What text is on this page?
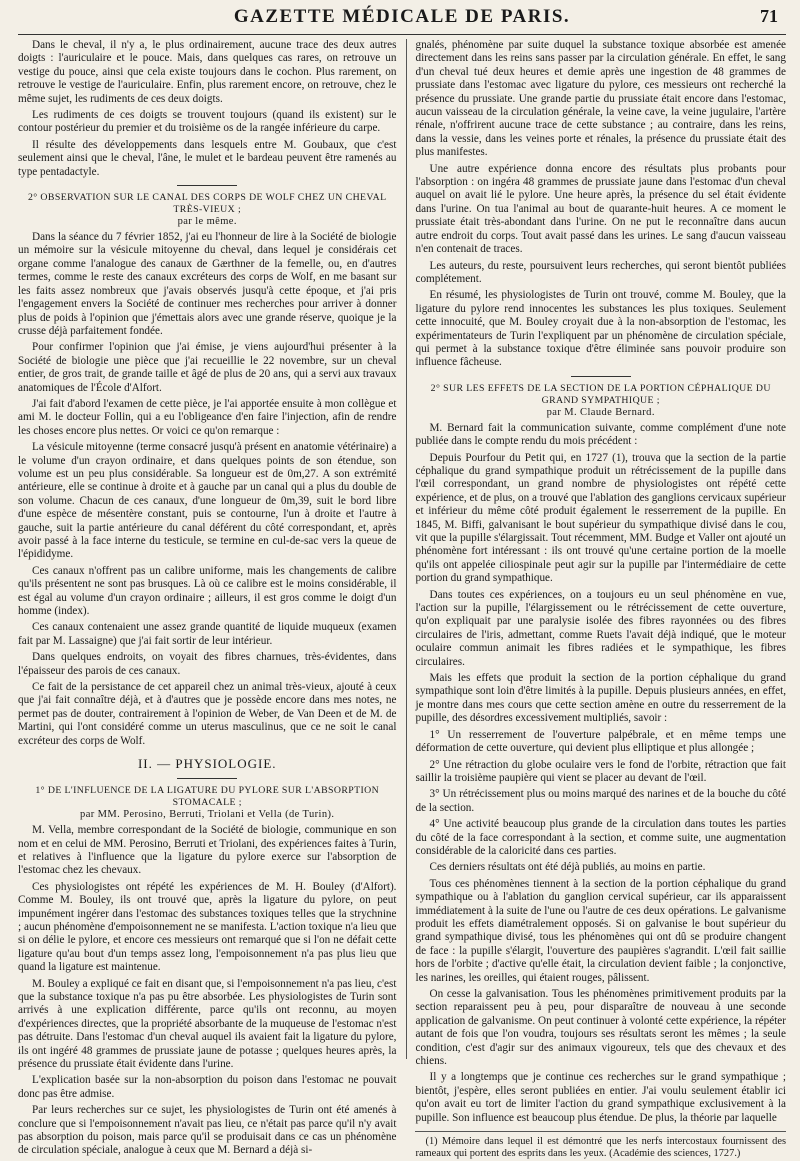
GAZETTE MÉDICALE DE PARIS.	71

Dans le cheval, il n'y a, le plus ordinairement, aucune trace des deux autres doigts : l'auriculaire et le pouce. Mais, dans quelques cas rares, on retrouve un vestige du pouce, ainsi que cela existe toujours dans le cochon. Plus rarement, on retrouve le vestige de l'auriculaire. Enfin, plus rarement encore, on retrouve, chez le même sujet, les rudiments de ces deux doigts.

Les rudiments de ces doigts se trouvent toujours (quand ils existent) sur le contour postérieur du premier et du troisième os de la rangée inférieure du carpe.

Il résulte des développements dans lesquels entre M. Goubaux, que c'est seulement ainsi que le cheval, l'âne, le mulet et le bardeau peuvent être ramenés au type pentadactyle.

2° OBSERVATION SUR LE CANAL DES CORPS DE WOLF CHEZ UN CHEVAL TRÈS-VIEUX ;
par le même.

Dans la séance du 7 février 1852, j'ai eu l'honneur de lire à la Société de biologie un mémoire sur la vésicule mitoyenne du cheval, dans lequel je considérais cet organe comme l'analogue des canaux de Gærthner de la femelle, ou, en d'autres termes, comme le reste des canaux excréteurs des corps de Wolf, en me basant sur les faits assez nombreux que j'avais observés jusqu'à cette époque, et j'ai pris l'engagement envers la Société de continuer mes recherches pour arriver à donner plus de poids à l'opinion que j'émettais alors avec une grande réserve, quoique je la crusse déjà parfaitement fondée.

Pour confirmer l'opinion que j'ai émise, je viens aujourd'hui présenter à la Société de biologie une pièce que j'ai recueillie le 22 novembre, sur un cheval entier, de gros trait, de grande taille et âgé de plus de 20 ans, qui a servi aux travaux anatomiques de l'École d'Alfort.

J'ai fait d'abord l'examen de cette pièce, je l'ai apportée ensuite à mon collègue et ami M. le docteur Follin, qui a eu l'obligeance d'en faire l'injection, afin de rendre les choses encore plus nettes. Or voici ce qu'on remarque :

La vésicule mitoyenne (terme consacré jusqu'à présent en anatomie vétérinaire) a le volume d'un crayon ordinaire, et dans quelques points de son étendue, son volume est un peu plus considérable. Sa longueur est de 0m,27. A son extrémité antérieure, elle se continue à droite et à gauche par un canal qui a plus du double de son volume. Chacun de ces canaux, d'une longueur de 0m,39, suit le bord libre d'une espèce de mésentère constant, puis se contourne, l'un à droite et l'autre à gauche, suit la partie antérieure du canal déférent du côté correspondant, et, après avoir passé à la face interne du testicule, se termine en cul-de-sac vers la queue de l'épididyme.

Ces canaux n'offrent pas un calibre uniforme, mais les changements de calibre qu'ils présentent ne sont pas brusques. Là où ce calibre est le moins considérable, il est égal au volume d'un crayon ordinaire ; ailleurs, il est gros comme le doigt d'un homme (index).

Ces canaux contenaient une assez grande quantité de liquide muqueux (examen fait par M. Lassaigne) que j'ai fait sortir de leur intérieur.

Dans quelques endroits, on voyait des fibres charnues, très-évidentes, dans l'épaisseur des parois de ces canaux.

Ce fait de la persistance de cet appareil chez un animal très-vieux, ajouté à ceux que j'ai fait connaître déjà, et à d'autres que je possède encore dans mes notes, ne permet pas de douter, contrairement à l'opinion de Weber, de Van Deen et de M. de Martini, qui l'ont considéré comme un uterus masculinus, que ce ne soit le canal excréteur des corps de Wolf.

II. — PHYSIOLOGIE.
1° DE L'INFLUENCE DE LA LIGATURE DU PYLORE SUR L'ABSORPTION STOMACALE ;
par MM. Perosino, Berruti, Triolani et Vella (de Turin).

M. Vella, membre correspondant de la Société de biologie, communique en son nom et en celui de MM. Perosino, Berruti et Triolani, des expériences faites à Turin, et relatives à l'influence que la ligature du pylore exerce sur l'absorption de l'estomac chez les chevaux.

Ces physiologistes ont répété les expériences de M. H. Bouley (d'Alfort). Comme M. Bouley, ils ont trouvé que, après la ligature du pylore, on peut impunément ingérer dans l'estomac des substances toxiques telles que la strychnine ; aucun phénomène d'empoisonnement ne se manifesta. L'action toxique n'a lieu que si on délie le pylore, et encore ces messieurs ont remarqué que si l'on ne défait cette ligature qu'au bout d'un temps assez long, l'empoisonnement n'a pas plus lieu que quand la ligature est maintenue.

M. Bouley a expliqué ce fait en disant que, si l'empoisonnement n'a pas lieu, c'est que la substance toxique n'a pas pu être absorbée. Les physiologistes de Turin sont arrivés à une explication différente, parce qu'ils ont reconnu, au moyen d'expériences directes, que la propriété absorbante de la muqueuse de l'estomac n'est pas détruite. Dans l'estomac d'un cheval auquel ils avaient fait la ligature du pylore, ils ont ingéré 48 grammes de prussiate jaune de potasse ; quelques heures après, la présence du prussiate était évidente dans l'urine.

L'explication basée sur la non-absorption du poison dans l'estomac ne pouvait donc pas être admise.

Par leurs recherches sur ce sujet, les physiologistes de Turin ont été amenés à conclure que si l'empoisonnement n'avait pas lieu, ce n'était pas parce qu'il n'y avait pas absorption du poison, mais parce qu'il se produisait dans ce cas un phénomène de circulation spéciale, analogue à ceux que M. Bernard a déjà si-

gnalés, phénomène par suite duquel la substance toxique absorbée est amenée directement dans les reins sans passer par la circulation générale. En effet, le sang d'un cheval tué deux heures et demie après une ingestion de 48 grammes de prussiate dans l'estomac avec ligature du pylore, ces messieurs ont recherché la présence du prussiate. Une grande partie du prussiate était encore dans l'estomac, aucun vaisseau de la circulation générale, la veine cave, la veine jugulaire, l'artère rénale, n'offrirent aucune trace de cette substance ; au contraire, dans les reins, dans la vessie, dans les veines porte et rénales, la présence du prussiate était des plus manifestes.

Une autre expérience donna encore des résultats plus probants pour l'absorption : on ingéra 48 grammes de prussiate jaune dans l'estomac d'un cheval auquel on avait lié le pylore. Une heure après, la présence du sel était évidente dans l'urine. On tua l'animal au bout de quarante-huit heures. A ce moment le prussiate était très-abondant dans l'urine. On ne put le reconnaître dans aucun autre endroit du corps. Tout avait passé dans les urines. Le sang d'aucun vaisseau n'en contenait de traces.

Les auteurs, du reste, poursuivent leurs recherches, qui seront bientôt publiées complétement.

En résumé, les physiologistes de Turin ont trouvé, comme M. Bouley, que la ligature du pylore rend innocentes les substances les plus toxiques. Seulement cette innocuité, que M. Bouley croyait due à la non-absorption de l'estomac, les expérimentateurs de Turin l'expliquent par un phénomène de circulation spéciale, qui permet à la substance toxique d'être éliminée sans pouvoir produire son influence fâcheuse.

2° SUR LES EFFETS DE LA SECTION DE LA PORTION CÉPHALIQUE DU GRAND SYMPATHIQUE ;
par M. Claude Bernard.

M. Bernard fait la communication suivante, comme complément d'une note publiée dans le compte rendu du mois précédent :

Depuis Pourfour du Petit qui, en 1727 (1), trouva que la section de la partie céphalique du grand sympathique produit un rétrécissement de la pupille dans l'œil correspondant, un grand nombre de physiologistes ont répété cette expérience, et de plus, on a trouvé que l'ablation des ganglions cervicaux supérieur et inférieur du même côté produit également le resserrement de la pupille. En 1845, M. Biffi, galvanisant le bout supérieur du sympathique divisé dans le cou, vit que la pupille s'élargissait. Tout récemment, MM. Budge et Valler ont ajouté un phénomène fort intéressant : ils ont trouvé qu'une certaine portion de la moelle qu'ils ont appelée ciliospinale peut agir sur la pupille par l'intermédiaire de cette portion du grand sympathique.

Dans toutes ces expériences, on a toujours eu un seul phénomène en vue, l'action sur la pupille, l'élargissement ou le rétrécissement de cette ouverture, qu'on expliquait par une paralysie isolée des fibres rayonnées ou des fibres circulaires de l'iris, admettant, comme Ruets l'avait déjà indiqué, que le moteur oculaire commun animait les fibres radiées et le sympathique, les fibres circulaires.

Mais les effets que produit la section de la portion céphalique du grand sympathique sont loin d'être limités à la pupille. Depuis plusieurs années, en effet, je montre dans mes cours que cette section amène en outre du resserrement de la pupille, des désordres excessivement multipliés, savoir :

1° Un resserrement de l'ouverture palpébrale, et en même temps une déformation de cette ouverture, qui devient plus elliptique et plus allongée ;

2° Une rétraction du globe oculaire vers le fond de l'orbite, rétraction que fait saillir la troisième paupière qui vient se placer au devant de l'œil.

3° Un rétrécissement plus ou moins marqué des narines et de la bouche du côté de la section.

4° Une activité beaucoup plus grande de la circulation dans toutes les parties du côté de la face correspondant à la section, et comme suite, une augmentation considérable de la caloricité dans ces parties.

Ces derniers résultats ont été déjà publiés, au moins en partie.

Tous ces phénomènes tiennent à la section de la portion céphalique du grand sympathique ou à l'ablation du ganglion cervical supérieur, car ils apparaissent immédiatement à la suite de l'une ou l'autre de ces deux opérations. Le galvanisme produit les effets diamétralement opposés. Si on galvanise le bout supérieur du grand sympathique divisé, tous les phénomènes qui ont dû se produire changent de face : la pupille s'élargit, l'ouverture des paupières s'agrandit. L'œil fait saillie hors de l'orbite ; d'active qu'elle était, la circulation devient faible ; la conjonctive, les narines, les oreilles, qui étaient rouges, pâlissent.

On cesse la galvanisation. Tous les phénomènes primitivement produits par la section reparaissent peu à peu, pour disparaître de nouveau à une seconde application de galvanisme. On peut continuer à volonté cette expérience, la répéter autant de fois que l'on voudra, toujours ses résultats seront les mêmes ; la seule condition, c'est d'agir sur des animaux vigoureux, tels que des chevaux et des chiens.

Il y a longtemps que je continue ces recherches sur le grand sympathique ; bientôt, j'espère, elles seront publiées en entier. J'ai voulu seulement établir ici qu'on avait eu tort de limiter l'action du grand sympathique exclusivement à la pupille. Son influence est beaucoup plus étendue. De plus, la théorie par laquelle

(1) Mémoire dans lequel il est démontré que les nerfs intercostaux fournissent des rameaux qui portent des esprits dans les yeux. (Académie des sciences, 1727.)
